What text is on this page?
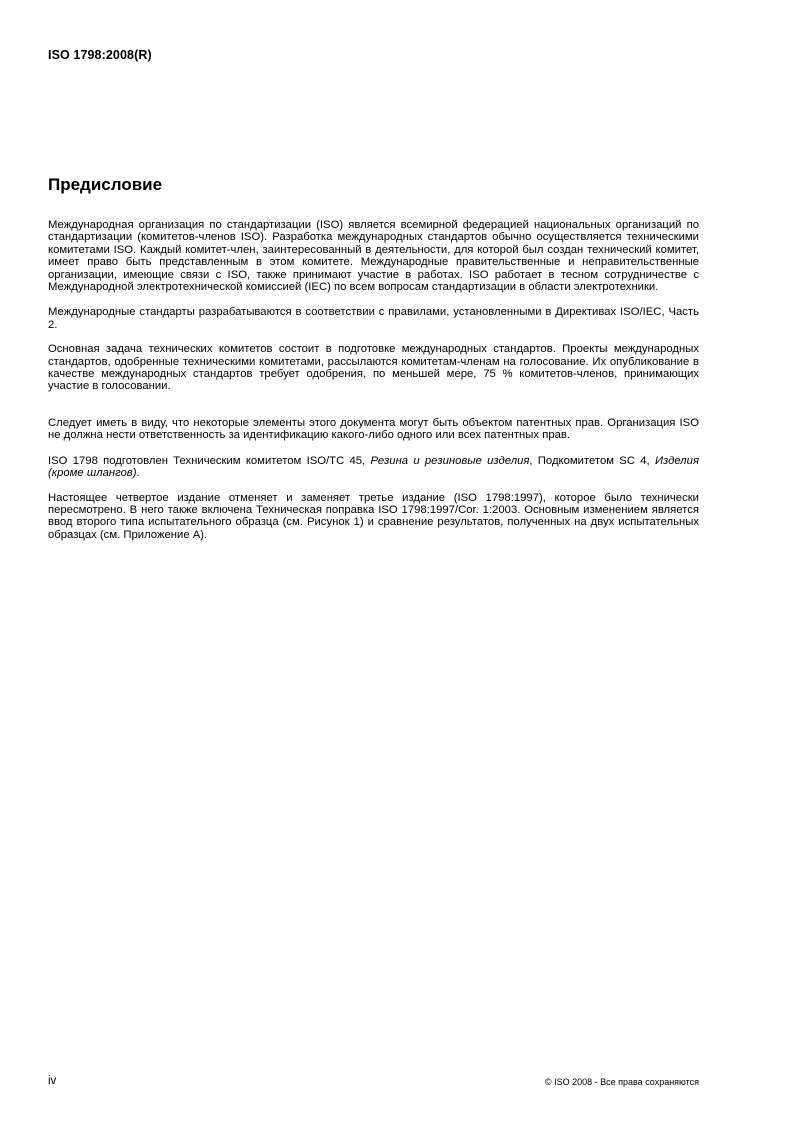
ISO 1798:2008(R)
Предисловие

Международная организация по стандартизации (ISO) является всемирной федерацией национальных организаций по стандартизации (комитетов-членов ISO). Разработка международных стандартов обычно осуществляется техническими комитетами ISO. Каждый комитет-член, заинтересованный в деятельности, для которой был создан технический комитет, имеет право быть представленным в этом комитете. Международные правительственные и неправительственные организации, имеющие связи с ISO, также принимают участие в работах. ISO работает в тесном сотрудничестве с Международной электротехнической комиссией (IEC) по всем вопросам стандартизации в области электротехники.

Международные стандарты разрабатываются в соответствии с правилами, установленными в Директивах ISO/IEC, Часть 2.

Основная задача технических комитетов состоит в подготовке международных стандартов. Проекты международных стандартов, одобренные техническими комитетами, рассылаются комитетам-членам на голосование. Их опубликование в качестве международных стандартов требует одобрения, по меньшей мере, 75 % комитетов-членов, принимающих участие в голосовании.

Следует иметь в виду, что некоторые элементы этого документа могут быть объектом патентных прав. Организация ISO не должна нести ответственность за идентификацию какого-либо одного или всех патентных прав.

ISO 1798 подготовлен Техническим комитетом ISO/TC 45, Резина и резиновые изделия, Подкомитетом SC 4, Изделия (кроме шлангов).

Настоящее четвертое издание отменяет и заменяет третье издание (ISO 1798:1997), которое было технически пересмотрено. В него также включена Техническая поправка ISO 1798:1997/Cor. 1:2003. Основным изменением является ввод второго типа испытательного образца (см. Рисунок 1) и сравнение результатов, полученных на двух испытательных образцах (см. Приложение А).

iv	© ISO 2008 - Все права сохраняются
